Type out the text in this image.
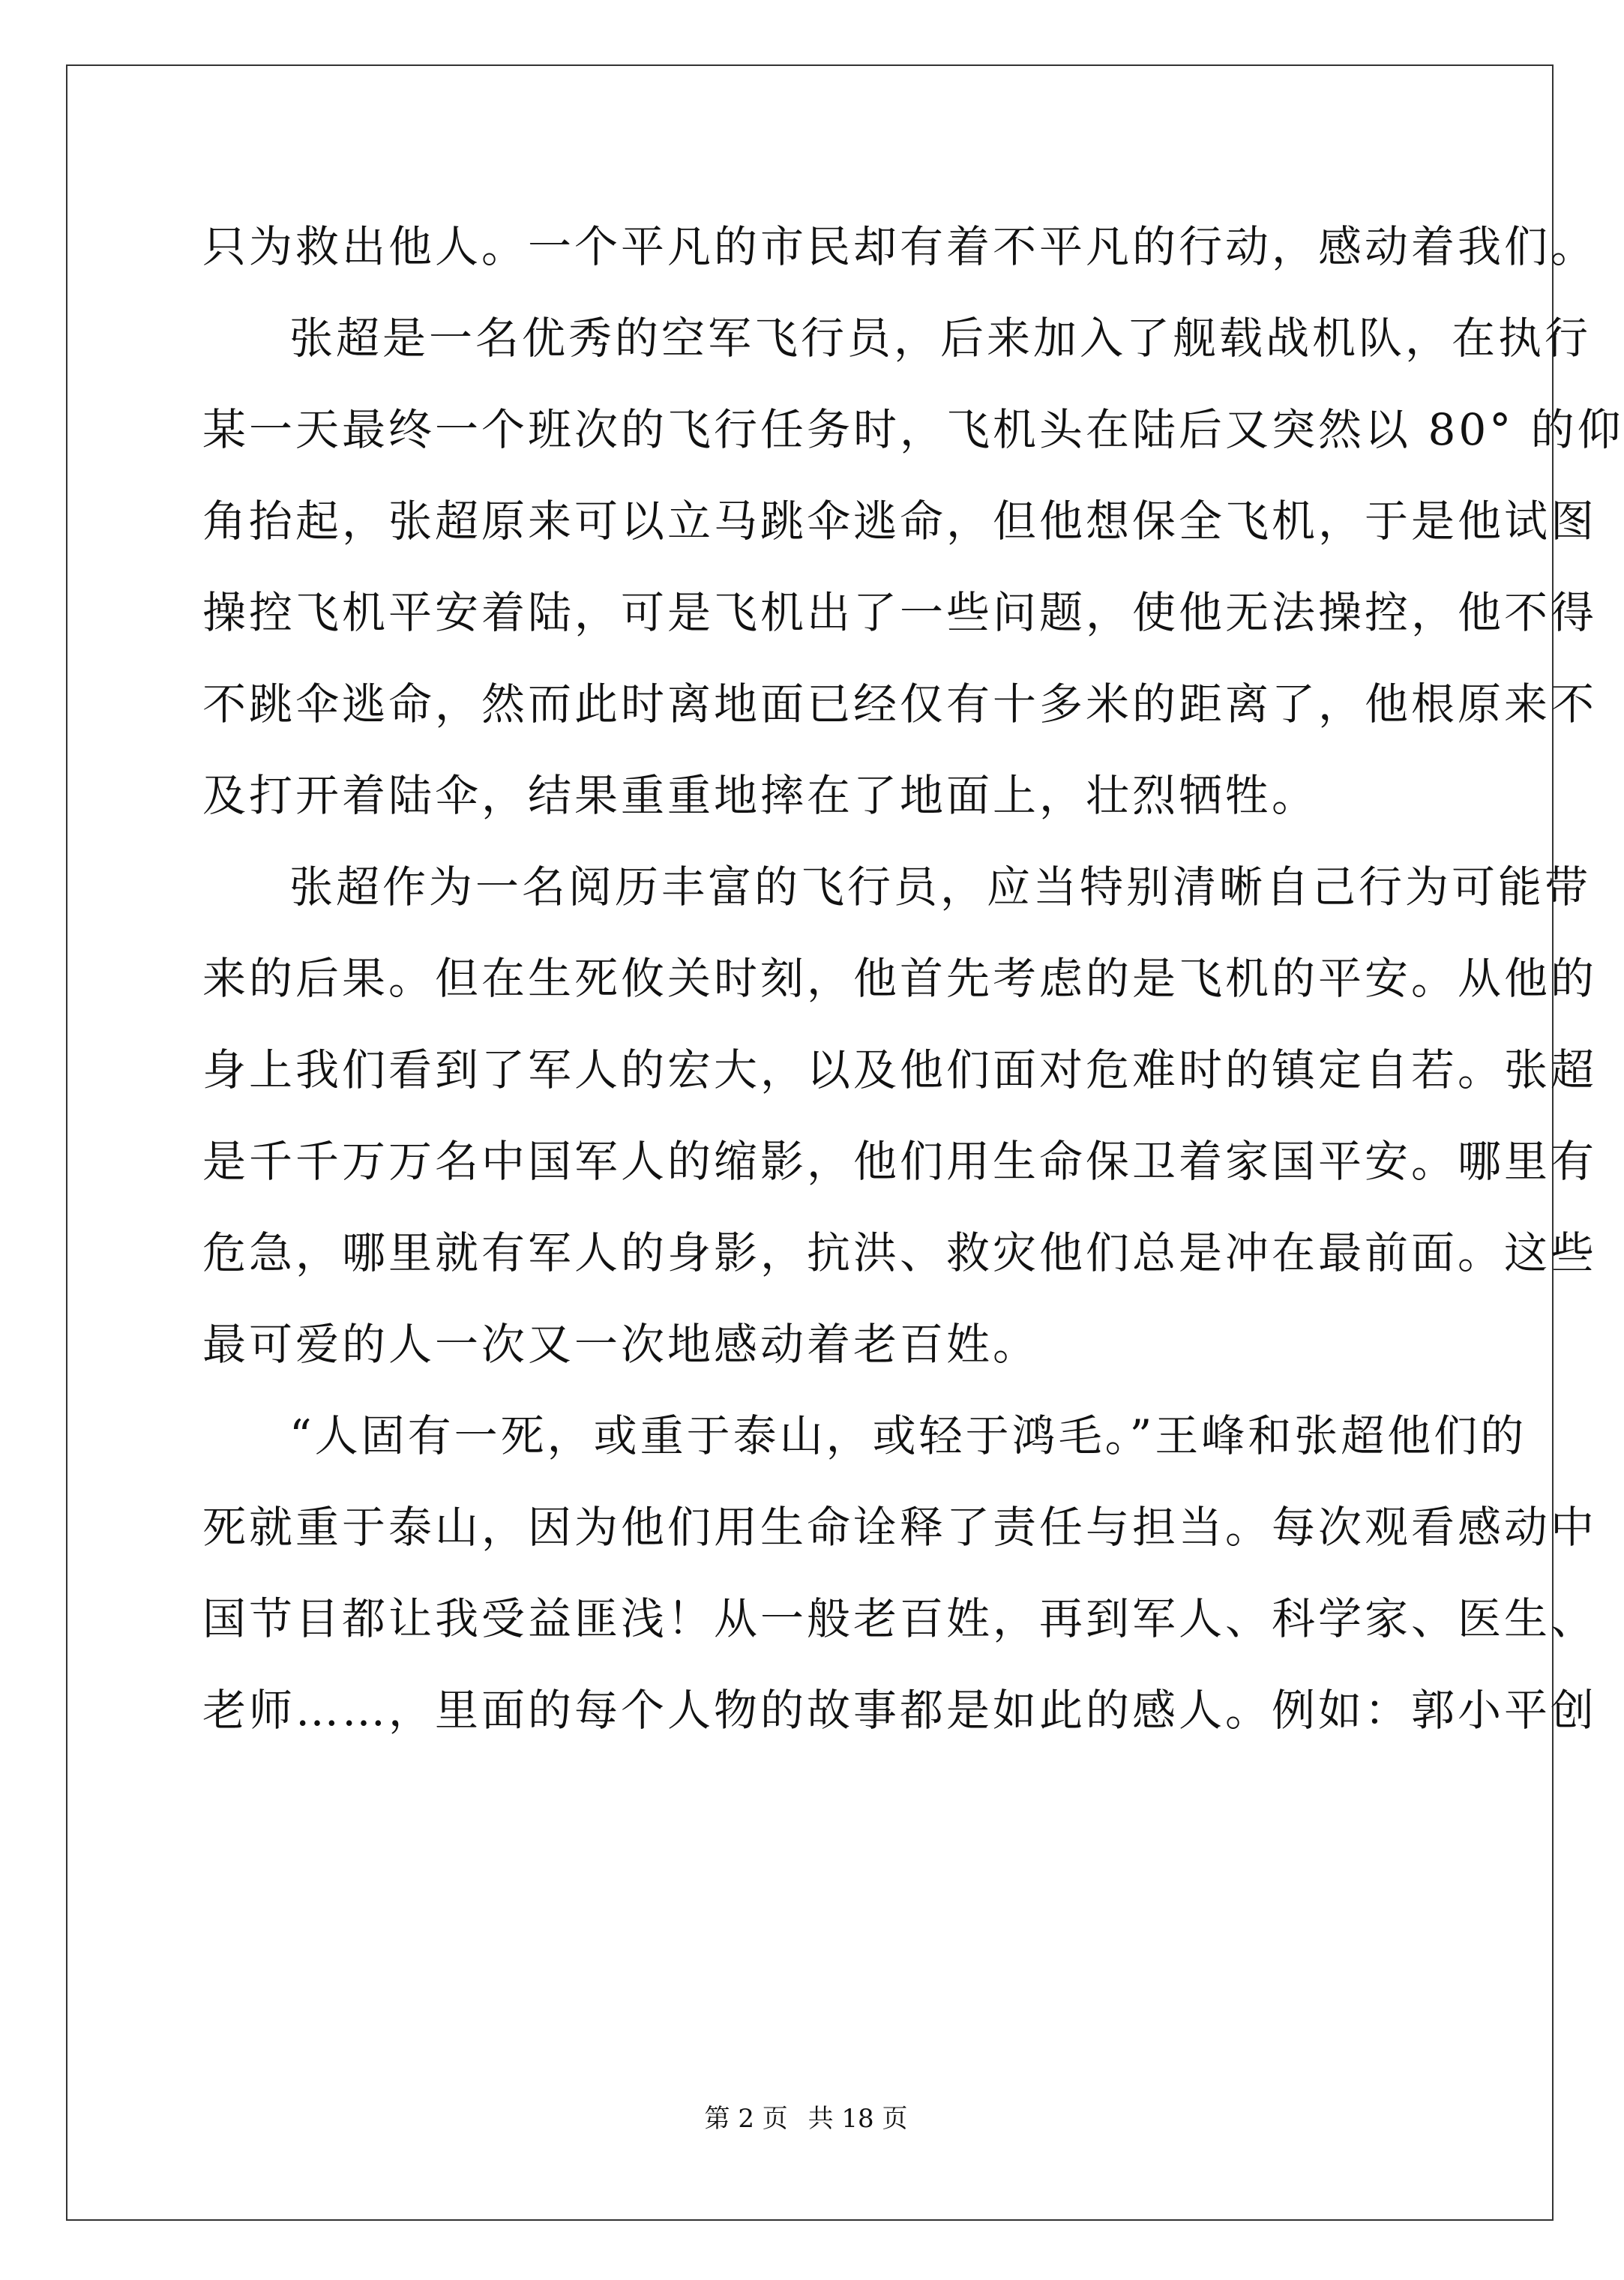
只为救出他人。一个平凡的市民却有着不平凡的行动，感动着我们。
张超是一名优秀的空军飞行员，后来加入了舰载战机队，在执行
某一天最终一个班次的飞行任务时，飞机头在陆后又突然以 80° 的仰
角抬起，张超原来可以立马跳伞逃命，但他想保全飞机，于是他试图
操控飞机平安着陆，可是飞机出了一些问题，使他无法操控，他不得
不跳伞逃命，然而此时离地面已经仅有十多米的距离了，他根原来不
及打开着陆伞，结果重重地摔在了地面上，壮烈牺牲。
张超作为一名阅历丰富的飞行员，应当特别清晰自己行为可能带
来的后果。但在生死攸关时刻，他首先考虑的是飞机的平安。从他的
身上我们看到了军人的宏大，以及他们面对危难时的镇定自若。张超
是千千万万名中国军人的缩影，他们用生命保卫着家国平安。哪里有
危急，哪里就有军人的身影，抗洪、救灾他们总是冲在最前面。这些
最可爱的人一次又一次地感动着老百姓。
“人固有一死，或重于泰山，或轻于鸿毛。”王峰和张超他们的
死就重于泰山，因为他们用生命诠释了责任与担当。每次观看感动中
国节目都让我受益匪浅！从一般老百姓，再到军人、科学家、医生、
老师……，里面的每个人物的故事都是如此的感人。例如：郭小平创
第 2 页 共 18 页
